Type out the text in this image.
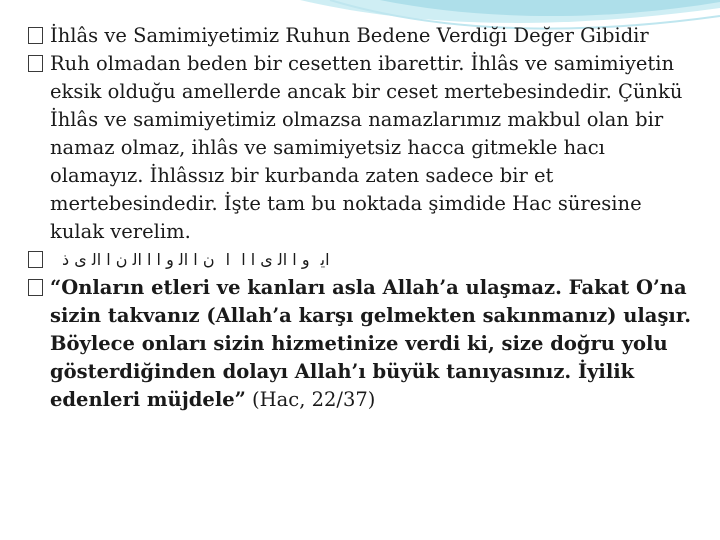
İhlâs ve Samimiyetimiz Ruhun Bedene Verdiği Değer Gibidir

Ruh olmadan beden bir cesetten ibarettir. İhlâs ve samimiyetin eksik olduğu amellerde ancak bir ceset mertebesindedir. Çünkü İhlâs ve samimiyetimiz olmazsa namazlarımız makbul olan bir namaz olmaz, ihlâs ve samimiyetsiz hacca gitmekle hacı olamayız. İhlâssız bir kurbanda zaten sadece bir et mertebesindedir. İşte tam bu noktada şimdide Hac süresine kulak verelim.

ﺍﻳ ﻭ ﺍ ﺍﻟ ﻯ ﺍ ﺍ ﺍ ﻥ ﺍ ﺍﻟ ﻭ ﺍ ﺍ ﺍﻟ ﻥ ﺍ ﺍﻟ ﻯ ﺫ

“Onların etleri ve kanları asla Allah’a ulaşmaz. Fakat O’na sizin takvanız (Allah’a karşı gelmekten sakınmanız) ulaşır. Böylece onları sizin hizmetinize verdi ki, size doğru yolu gösterdiğinden dolayı Allah’ı büyük tanıyasınız. İyilik edenleri müjdele” (Hac, 22/37)
